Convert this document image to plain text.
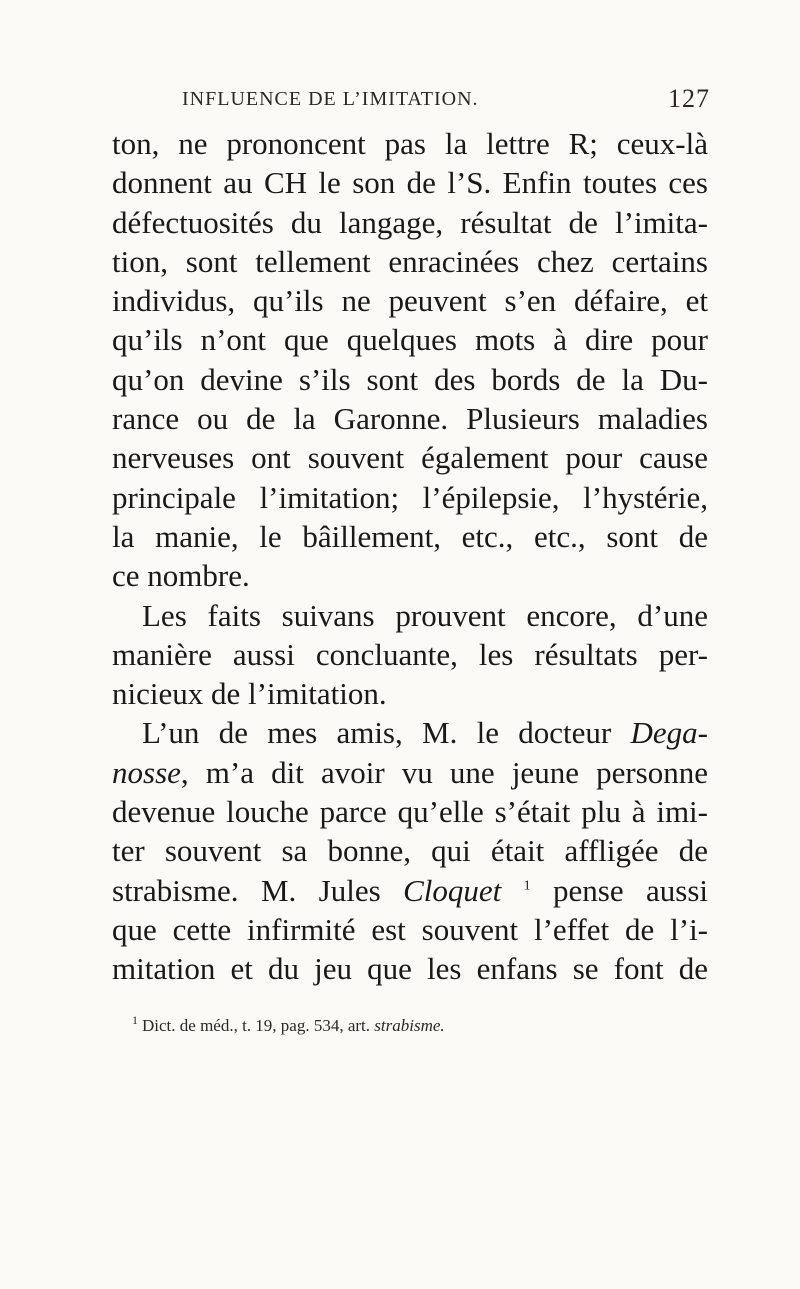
INFLUENCE DE L’IMITATION.	127
ton, ne prononcent pas la lettre R; ceux-là
donnent au CH le son de l’S. Enfin toutes ces
défectuosités du langage, résultat de l’imita-
tion, sont tellement enracinées chez certains
individus, qu’ils ne peuvent s’en défaire, et
qu’ils n’ont que quelques mots à dire pour
qu’on devine s’ils sont des bords de la Du-
rance ou de la Garonne. Plusieurs maladies
nerveuses ont souvent également pour cause
principale l’imitation; l’épilepsie, l’hystérie,
la manie, le bâillement, etc., etc., sont de
ce nombre.
Les faits suivans prouvent encore, d’une
manière aussi concluante, les résultats per-
nicieux de l’imitation.
L’un de mes amis, M. le docteur Dega-
nosse, m’a dit avoir vu une jeune personne
devenue louche parce qu’elle s’était plu à imi-
ter souvent sa bonne, qui était affligée de
strabisme. M. Jules Cloquet $^1$ pense aussi
que cette infirmité est souvent l’effet de l’i-
mitation et du jeu que les enfans se font de
$^1$ Dict. de méd., t. 19, pag. 534, art. strabisme.
